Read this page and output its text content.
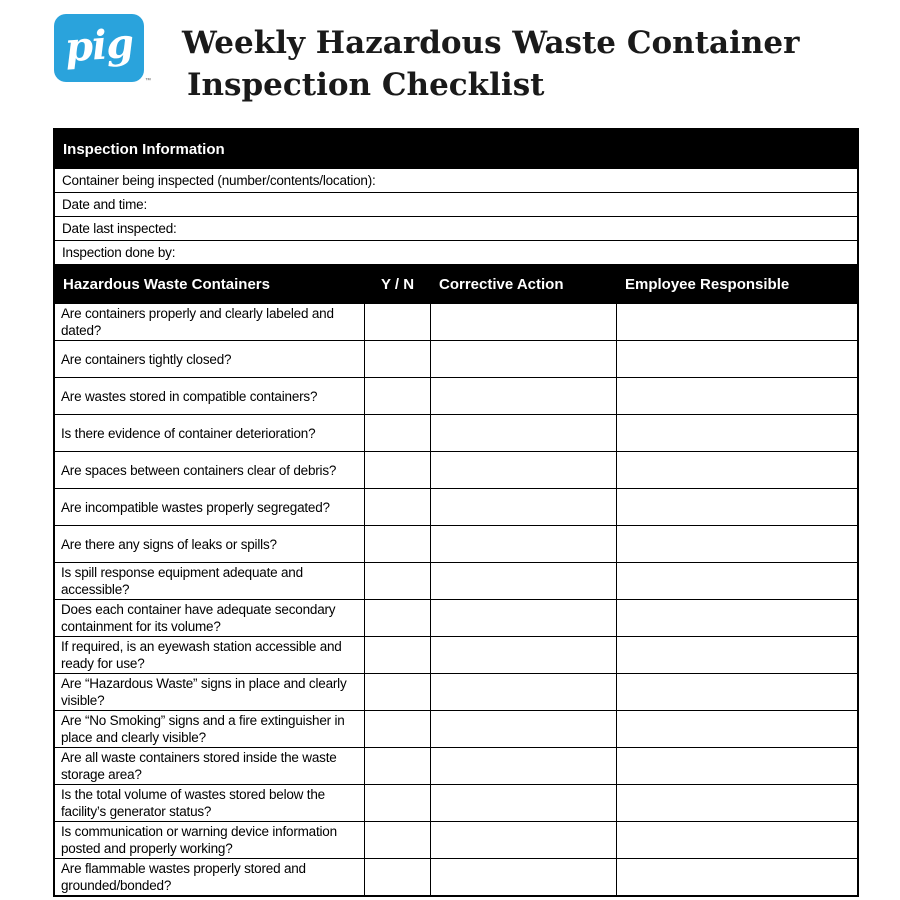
pig
™
Weekly Hazardous Waste Container
Inspection Checklist
Inspection Information			
Container being inspected (number/contents/location):			
Date and time:			
Date last inspected:			
Inspection done by:			
Hazardous Waste Containers	Y / N	Corrective Action	Employee Responsible
Are containers properly and clearly labeled and dated?			
Are containers tightly closed?			
Are wastes stored in compatible containers?			
Is there evidence of container deterioration?			
Are spaces between containers clear of debris?			
Are incompatible wastes properly segregated?			
Are there any signs of leaks or spills?			
Is spill response equipment adequate and accessible?			
Does each container have adequate secondary containment for its volume?			
If required, is an eyewash station accessible and ready for use?			
Are “Hazardous Waste” signs in place and clearly visible?			
Are “No Smoking” signs and a fire extinguisher in place and clearly visible?			
Are all waste containers stored inside the waste storage area?			
Is the total volume of wastes stored below the facility’s generator status?			
Is communication or warning device information posted and properly working?			
Are flammable wastes properly stored and grounded/bonded?			
